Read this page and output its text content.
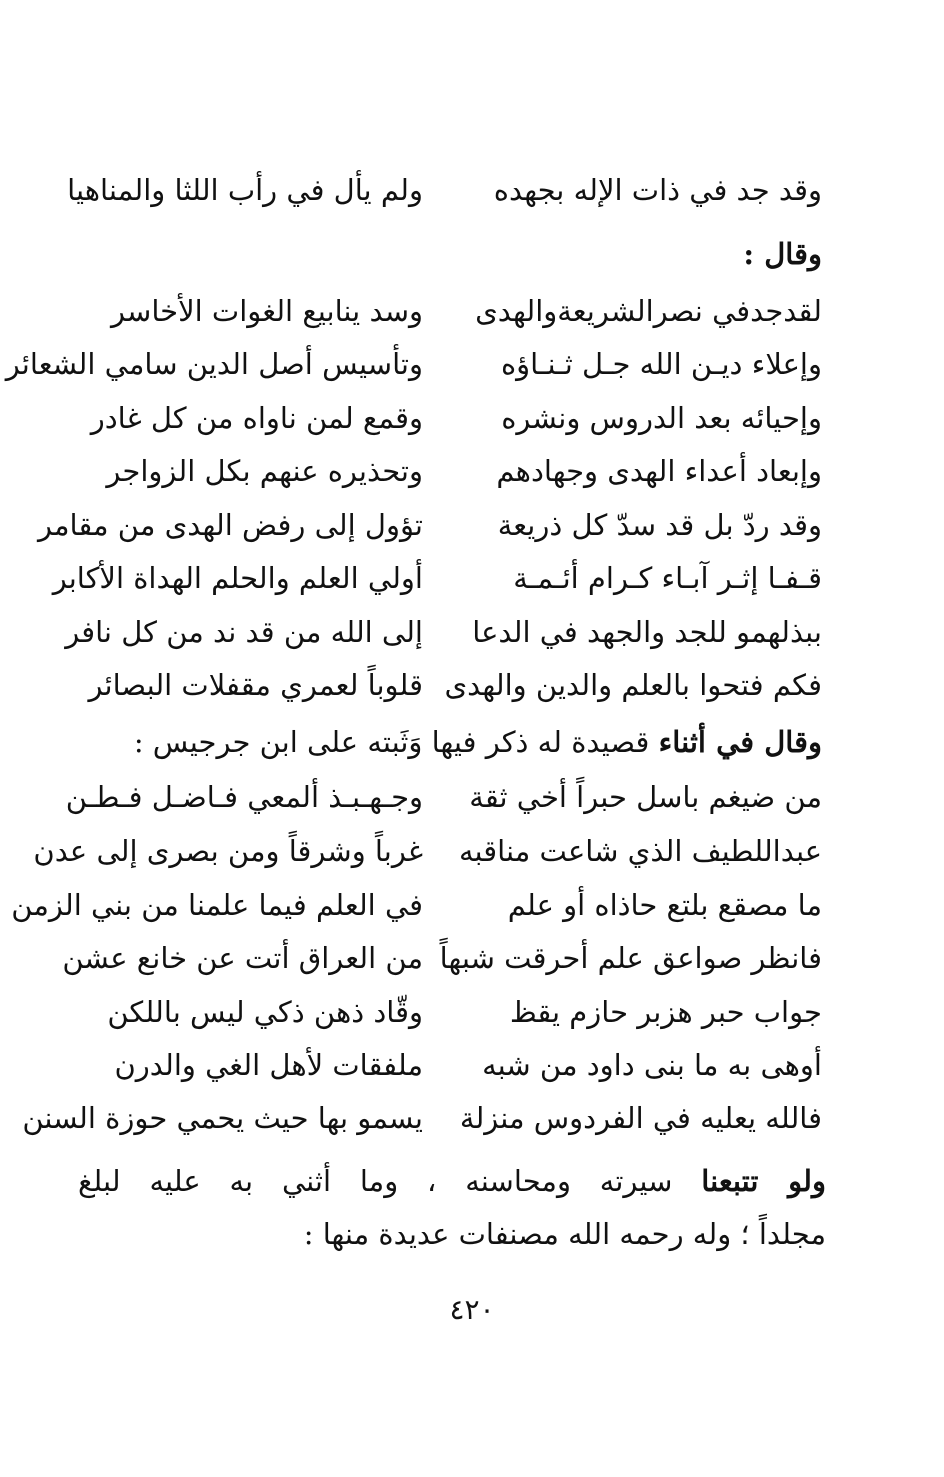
وقد جد في ذات الإله بجهده
ولم يأل في رأب اللثا والمناهيا
وقال :
لقدجدفي نصرالشريعةوالهدى
وسد ينابيع الغوات الأخاسر
وإعلاء ديـن الله جـل ثـنـاؤه
وتأسيس أصل الدين سامي الشعائر
وإحيائه بعد الدروس ونشره
وقمع لمن ناواه من كل غادر
وإبعاد أعداء الهدى وجهادهم
وتحذيره عنهم بكل الزواجر
وقد ردّ بل قد سدّ كل ذريعة
تؤول إلى رفض الهدى من مقامر
قـفـا إثـر آبـاء كـرام أئـمـة
أولي العلم والحلم الهداة الأكابر
ببذلهمو للجد والجهد في الدعا
إلى الله من قد ند من كل نافر
فكم فتحوا بالعلم والدين والهدى
قلوباً لعمري مقفلات البصائر
وقال في أثناء قصيدة له ذكر فيها وَثَبته على ابن جرجيس :
من ضيغم باسل حبراً أخي ثقة
وجـهـبـذ ألمعي فـاضـل فـطـن
عبداللطيف الذي شاعت مناقبه
غرباً وشرقاً ومن بصرى إلى عدن
ما مصقع بلتع حاذاه أو علم
في العلم فيما علمنا من بني الزمن
فانظر صواعق علم أحرقت شبهاً
من العراق أتت عن خانع عشن
جواب حبر هزبر حازم يقظ
وقّاد ذهن ذكي ليس باللكن
أوهى به ما بنى داود من شبه
ملفقات لأهل الغي والدرن
فالله يعليه في الفردوس منزلة
يسمو بها حيث يحمي حوزة السنن
ولو تتبعنا سيرته ومحاسنه ، وما أثني به عليه لبلغ
مجلداً ؛ وله رحمه الله مصنفات عديدة منها :
٤٢٠
